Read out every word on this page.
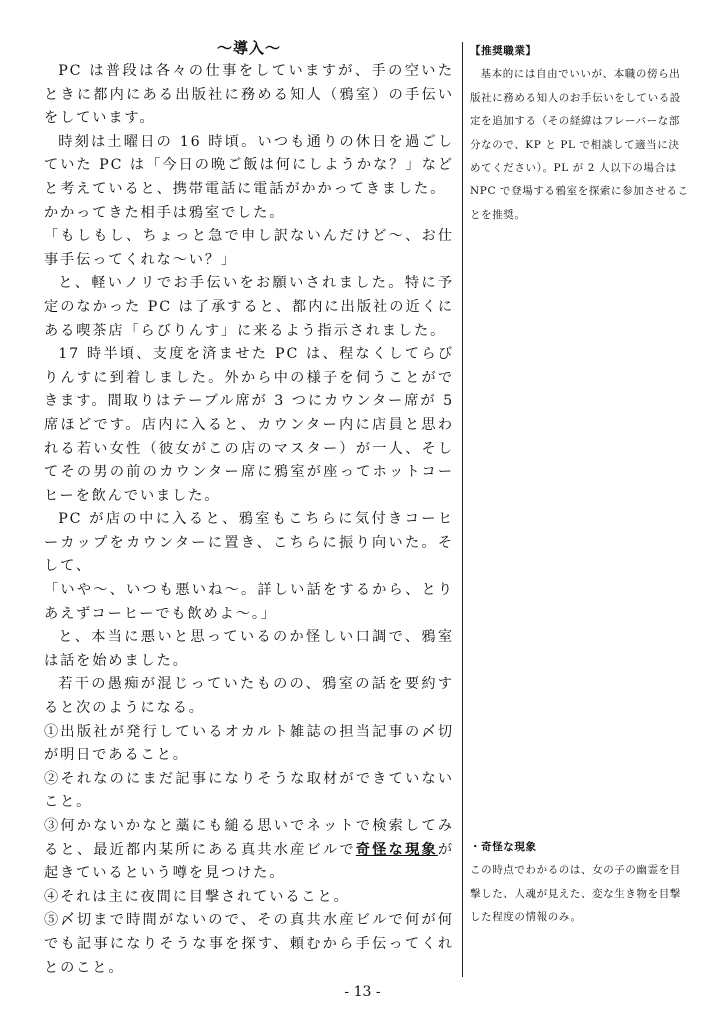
～導入～

PC は普段は各々の仕事をしていますが、手の空いたときに都内にある出版社に務める知人（鴉室）の手伝いをしています。

時刻は土曜日の 16 時頃。いつも通りの休日を過ごしていた PC は「今日の晩ご飯は何にしようかな？」などと考えていると、携帯電話に電話がかかってきました。

かかってきた相手は鴉室でした。

「もしもし、ちょっと急で申し訳ないんだけど～、お仕事手伝ってくれな～い？」

と、軽いノリでお手伝いをお願いされました。特に予定のなかった PC は了承すると、都内に出版社の近くにある喫茶店「らびりんす」に来るよう指示されました。

17 時半頃、支度を済ませた PC は、程なくしてらびりんすに到着しました。外から中の様子を伺うことができます。間取りはテーブル席が 3 つにカウンター席が 5 席ほどです。店内に入ると、カウンター内に店員と思われる若い女性（彼女がこの店のマスター）が一人、そしてその男の前のカウンター席に鴉室が座ってホットコーヒーを飲んでいました。

PC が店の中に入ると、鴉室もこちらに気付きコーヒーカップをカウンターに置き、こちらに振り向いた。そして、

「いや～、いつも悪いね～。詳しい話をするから、とりあえずコーヒーでも飲めよ～。」

と、本当に悪いと思っているのか怪しい口調で、鴉室は話を始めました。

若干の愚痴が混じっていたものの、鴉室の話を要約すると次のようになる。

①出版社が発行しているオカルト雑誌の担当記事の〆切が明日であること。

②それなのにまだ記事になりそうな取材ができていないこと。

③何かないかなと藁にも縋る思いでネットで検索してみると、最近都内某所にある真共水産ビルで奇怪な現象が起きているという噂を見つけた。

④それは主に夜間に目撃されていること。

⑤〆切まで時間がないので、その真共水産ビルで何が何でも記事になりそうな事を探す、頼むから手伝ってくれとのこと。

【推奨職業】

基本的には自由でいいが、本職の傍ら出版社に務める知人のお手伝いをしている設定を追加する（その経緯はフレーバーな部分なので、KP と PL で相談して適当に決めてください）。PL が 2 人以下の場合は NPC で登場する鴉室を探索に参加させることを推奨。

・奇怪な現象

この時点でわかるのは、女の子の幽霊を目撃した、人魂が見えた、変な生き物を目撃した程度の情報のみ。

- 13 -
